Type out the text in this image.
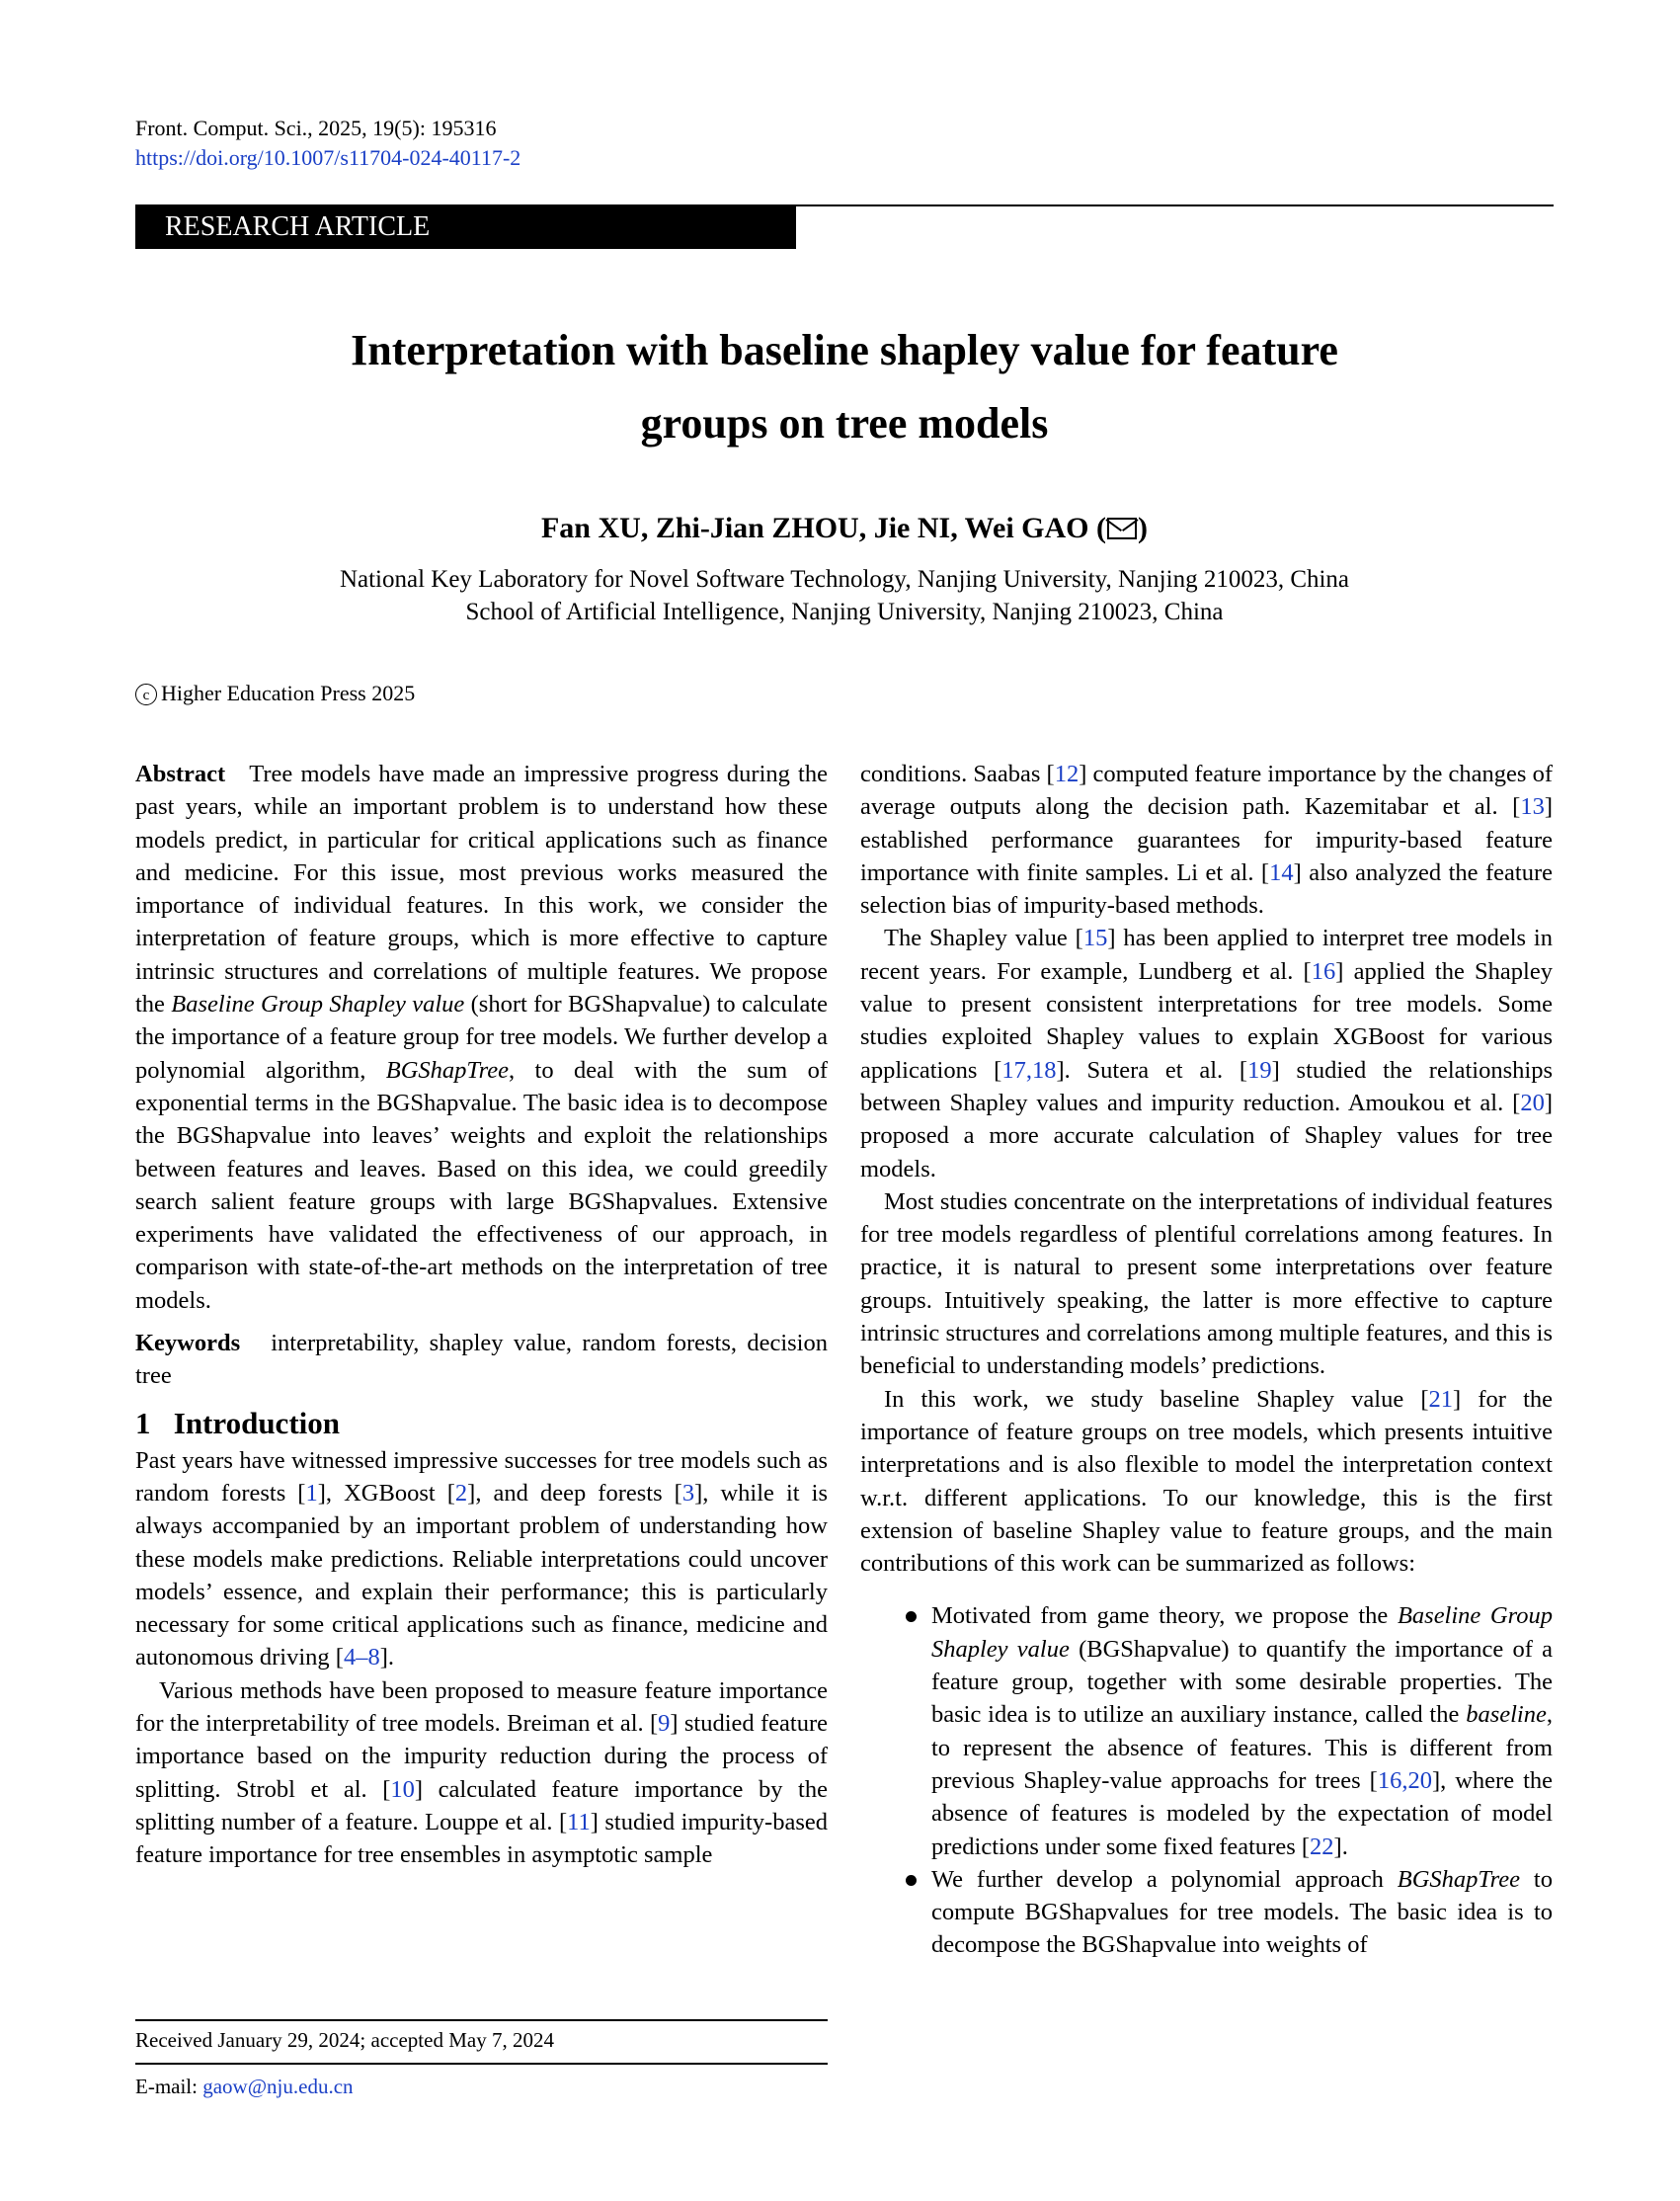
Front. Comput. Sci., 2025, 19(5): 195316
https://doi.org/10.1007/s11704-024-40117-2
RESEARCH ARTICLE
Interpretation with baseline shapley value for feature
groups on tree models
Fan XU, Zhi-Jian ZHOU, Jie NI, Wei GAO ( )
National Key Laboratory for Novel Software Technology, Nanjing University, Nanjing 210023, China
School of Artificial Intelligence, Nanjing University, Nanjing 210023, China
c Higher Education Press 2025

Abstract Tree models have made an impressive progress during the past years, while an important problem is to understand how these models predict, in particular for critical applications such as finance and medicine. For this issue, most previous works measured the importance of individual features. In this work, we consider the interpretation of feature groups, which is more effective to capture intrinsic structures and correlations of multiple features. We propose the Baseline Group Shapley value (short for BGShapvalue) to calculate the importance of a feature group for tree models. We further develop a polynomial algorithm, BGShapTree, to deal with the sum of exponential terms in the BGShapvalue. The basic idea is to decompose the BGShapvalue into leaves’ weights and exploit the relationships between features and leaves. Based on this idea, we could greedily search salient feature groups with large BGShapvalues. Extensive experiments have validated the effectiveness of our approach, in comparison with state-of-the-art methods on the interpretation of tree models.

Keywords interpretability, shapley value, random forests, decision tree

1   Introduction

Past years have witnessed impressive successes for tree models such as random forests [1], XGBoost [2], and deep forests [3], while it is always accompanied by an important problem of understanding how these models make predictions. Reliable interpretations could uncover models’ essence, and explain their performance; this is particularly necessary for some critical applications such as finance, medicine and autonomous driving [4–8].

Various methods have been proposed to measure feature importance for the interpretability of tree models. Breiman et al. [9] studied feature importance based on the impurity reduction during the process of splitting. Strobl et al. [10] calculated feature importance by the splitting number of a feature. Louppe et al. [11] studied impurity-based feature importance for tree ensembles in asymptotic sample

conditions. Saabas [12] computed feature importance by the changes of average outputs along the decision path. Kazemitabar et al. [13] established performance guarantees for impurity-based feature importance with finite samples. Li et al. [14] also analyzed the feature selection bias of impurity-based methods.

The Shapley value [15] has been applied to interpret tree models in recent years. For example, Lundberg et al. [16] applied the Shapley value to present consistent interpretations for tree models. Some studies exploited Shapley values to explain XGBoost for various applications [17,18]. Sutera et al. [19] studied the relationships between Shapley values and impurity reduction. Amoukou et al. [20] proposed a more accurate calculation of Shapley values for tree models.

Most studies concentrate on the interpretations of individual features for tree models regardless of plentiful correlations among features. In practice, it is natural to present some interpretations over feature groups. Intuitively speaking, the latter is more effective to capture intrinsic structures and correlations among multiple features, and this is beneficial to understanding models’ predictions.

In this work, we study baseline Shapley value [21] for the importance of feature groups on tree models, which presents intuitive interpretations and is also flexible to model the interpretation context w.r.t. different applications. To our knowledge, this is the first extension of baseline Shapley value to feature groups, and the main contributions of this work can be summarized as follows:

Motivated from game theory, we propose the Baseline Group Shapley value (BGShapvalue) to quantify the importance of a feature group, together with some desirable properties. The basic idea is to utilize an auxiliary instance, called the baseline, to represent the absence of features. This is different from previous Shapley-value approachs for trees [16,20], where the absence of features is modeled by the expectation of model predictions under some fixed features [22].
We further develop a polynomial approach BGShapTree to compute BGShapvalues for tree models. The basic idea is to decompose the BGShapvalue into weights of
Received January 29, 2024; accepted May 7, 2024
E-mail: gaow@nju.edu.cn
